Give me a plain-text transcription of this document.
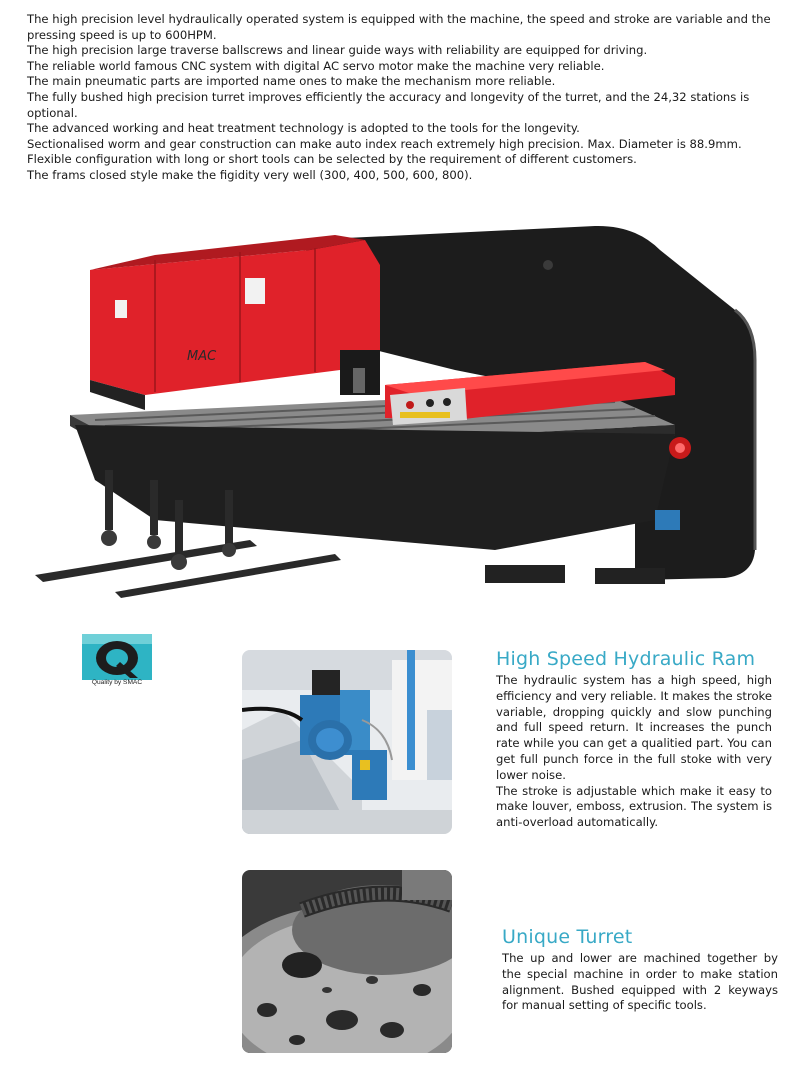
The high precision level hydraulically operated system is equipped with the machine, the speed and stroke are variable and the pressing speed is up to 600HPM.

The high precision large traverse ballscrews and linear guide ways with reliability are equipped for driving.

The reliable world famous CNC system with digital AC servo motor make the machine very reliable.

The main pneumatic parts are imported name ones to make the mechanism more reliable.

The fully bushed high precision turret improves efficiently the accuracy and longevity of the turret, and the 24,32 stations is optional.

The advanced working and heat treatment technology is adopted to the tools for the longevity.

Sectionalised worm and gear construction can make auto index reach extremely high precision. Max. Diameter is 88.9mm.

Flexible configuration with long or short tools can be selected by the requirement of different customers.

The frams closed style make the figidity very well (300, 400, 500, 600, 800).

MAC
Quality by SMAC
High Speed Hydraulic Ram

The hydraulic system has a high speed, high efficiency and very reliable. It makes the stroke variable, dropping quickly and slow punching and full speed return. It increases the punch rate while you can get a qualitied part. You can get full punch force in the full stoke with very lower noise.

The stroke is adjustable which make it easy to make louver, emboss, extrusion. The system is anti-overload automatically.

Unique Turret

The up and lower are machined together by the special machine in order to make station alignment. Bushed equipped with 2 keyways for manual setting of specific tools.
